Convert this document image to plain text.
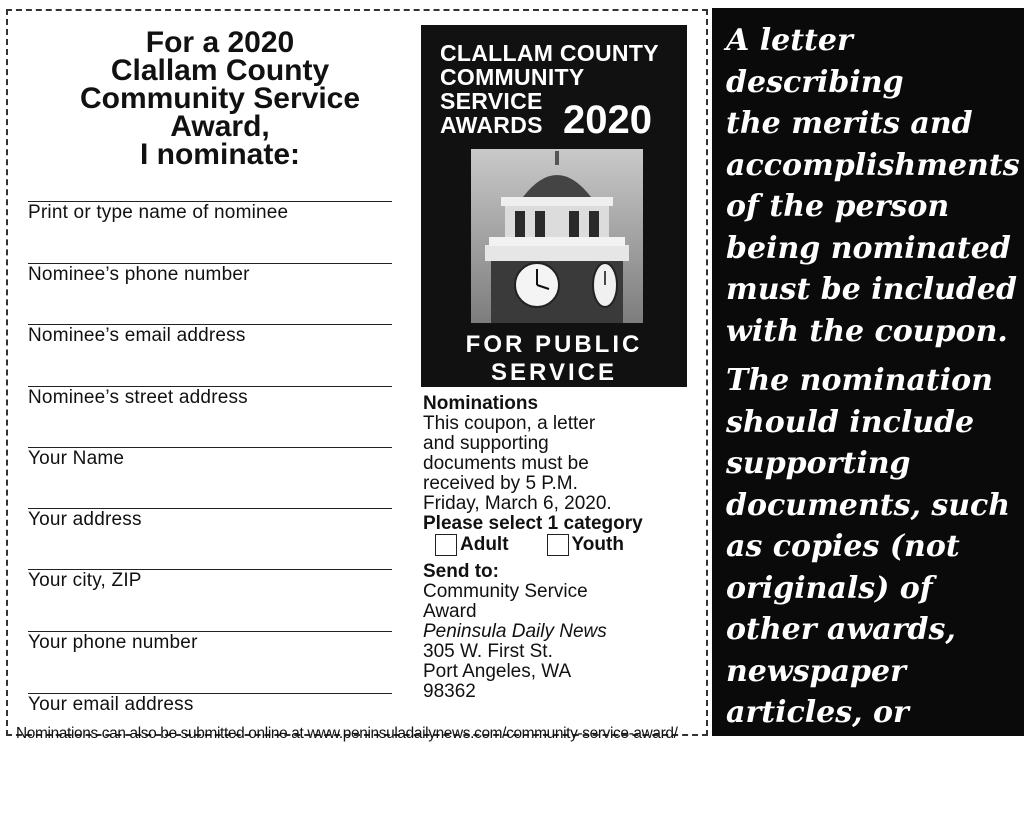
For a 2020
Clallam County
Community Service
Award,
I nominate:
Print or type name of nominee
Nominee’s phone number
Nominee’s email address
Nominee’s street address
Your Name
Your address
Your city, ZIP
Your phone number
Your email address
CLALLAM COUNTY
COMMUNITY
SERVICE
AWARDS 2020
FOR PUBLIC
SERVICE
Nominations
This coupon, a letter
and supporting
documents must be
received by 5 P.M.
Friday, March 6, 2020.
Please select 1 category
Adult	Youth
Send to:
Community Service
Award
Peninsula Daily News
305 W. First St.
Port Angeles, WA
98362
Nominations can also be submitted online at www.peninsuladailynews.com/community-service-award/

A letter describing
the merits and
accomplishments
of the person
being nominated
must be included
with the coupon.

The nomination
should include
supporting
documents, such
as copies (not
originals) of
other awards,
newspaper
articles, or letters
of support.
